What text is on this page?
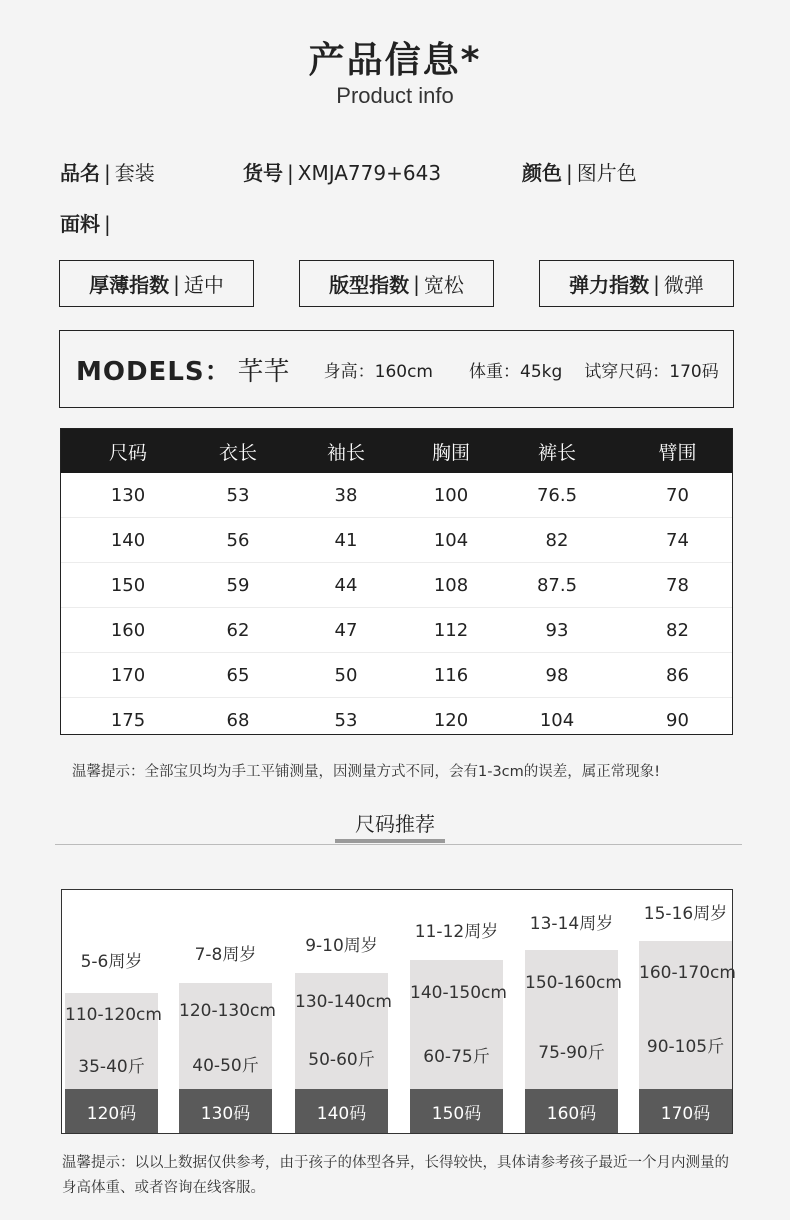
产品信息*
Product info
品名 | 套装	货号 | XMJA779+643	颜色 | 图片色
面料 |
厚薄指数 | 适中	版型指数 | 宽松	弹力指数 | 微弹
MODELS： 芊芊 身高：160cm 体重：45kg 试穿尺码：170码
尺码	衣长	袖长	胸围	裤长	臂围
130	53	38	100	76.5	70
140	56	41	104	82	74
150	59	44	108	87.5	78
160	62	47	112	93	82
170	65	50	116	98	86
175	68	53	120	104	90
温馨提示：全部宝贝均为手工平铺测量，因测量方式不同，会有1-3cm的误差，属正常现象!
尺码推荐
5-6周岁
110-120cm
35-40斤
120码
7-8周岁
120-130cm
40-50斤
130码
9-10周岁
130-140cm
50-60斤
140码
11-12周岁
140-150cm
60-75斤
150码
13-14周岁
150-160cm
75-90斤
160码
15-16周岁
160-170cm
90-105斤
170码
温馨提示：以以上数据仅供参考，由于孩子的体型各异，长得较快，具体请参考孩子最近一个月内测量的身高体重、或者咨询在线客服。
